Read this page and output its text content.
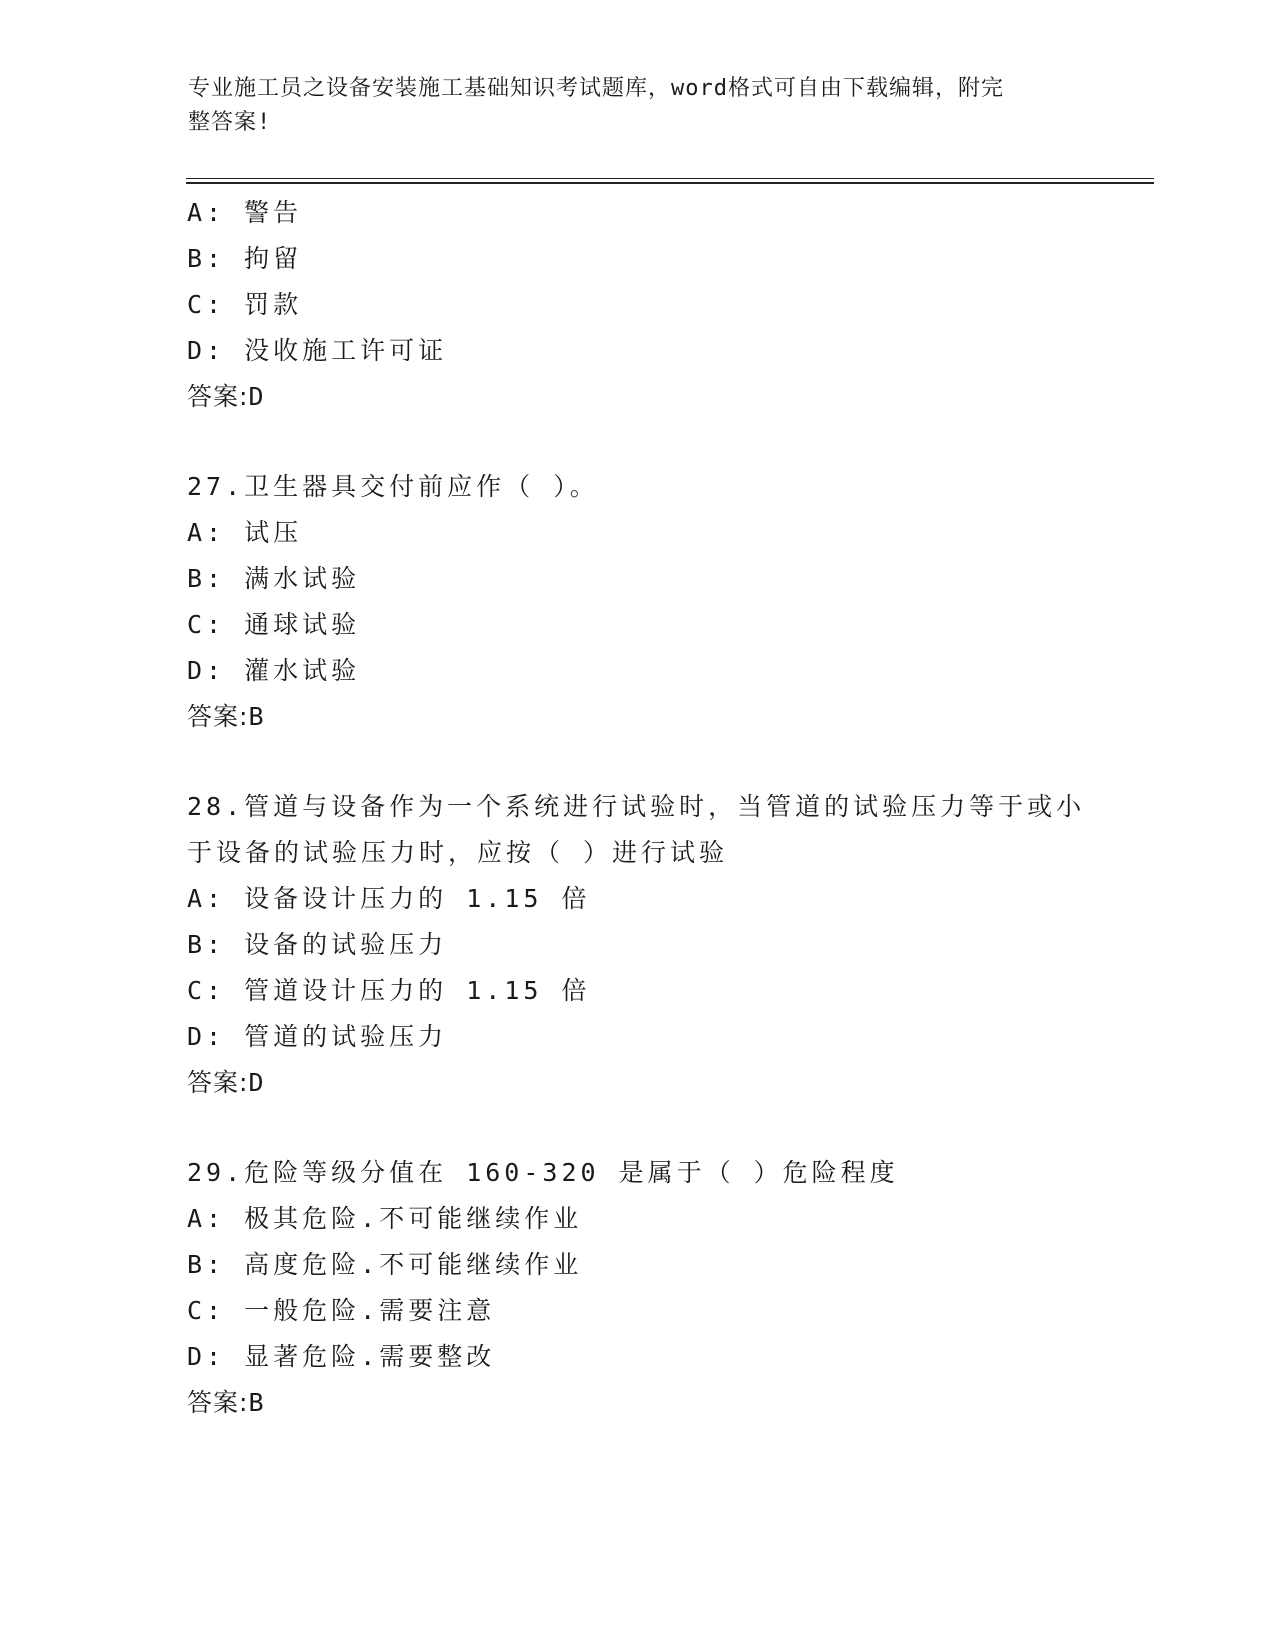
专业施工员之设备安装施工基础知识考试题库，word格式可自由下载编辑，附完
整答案!
A: 警告
B: 拘留
C: 罚款
D: 没收施工许可证
答案:D
27.卫生器具交付前应作（ ）。
A: 试压
B: 满水试验
C: 通球试验
D: 灌水试验
答案:B
28.管道与设备作为一个系统进行试验时，当管道的试验压力等于或小
于设备的试验压力时，应按（ ）进行试验
A: 设备设计压力的 1.15 倍
B: 设备的试验压力
C: 管道设计压力的 1.15 倍
D: 管道的试验压力
答案:D
29.危险等级分值在 160-320 是属于（ ）危险程度
A: 极其危险.不可能继续作业
B: 高度危险.不可能继续作业
C: 一般危险.需要注意
D: 显著危险.需要整改
答案:B
